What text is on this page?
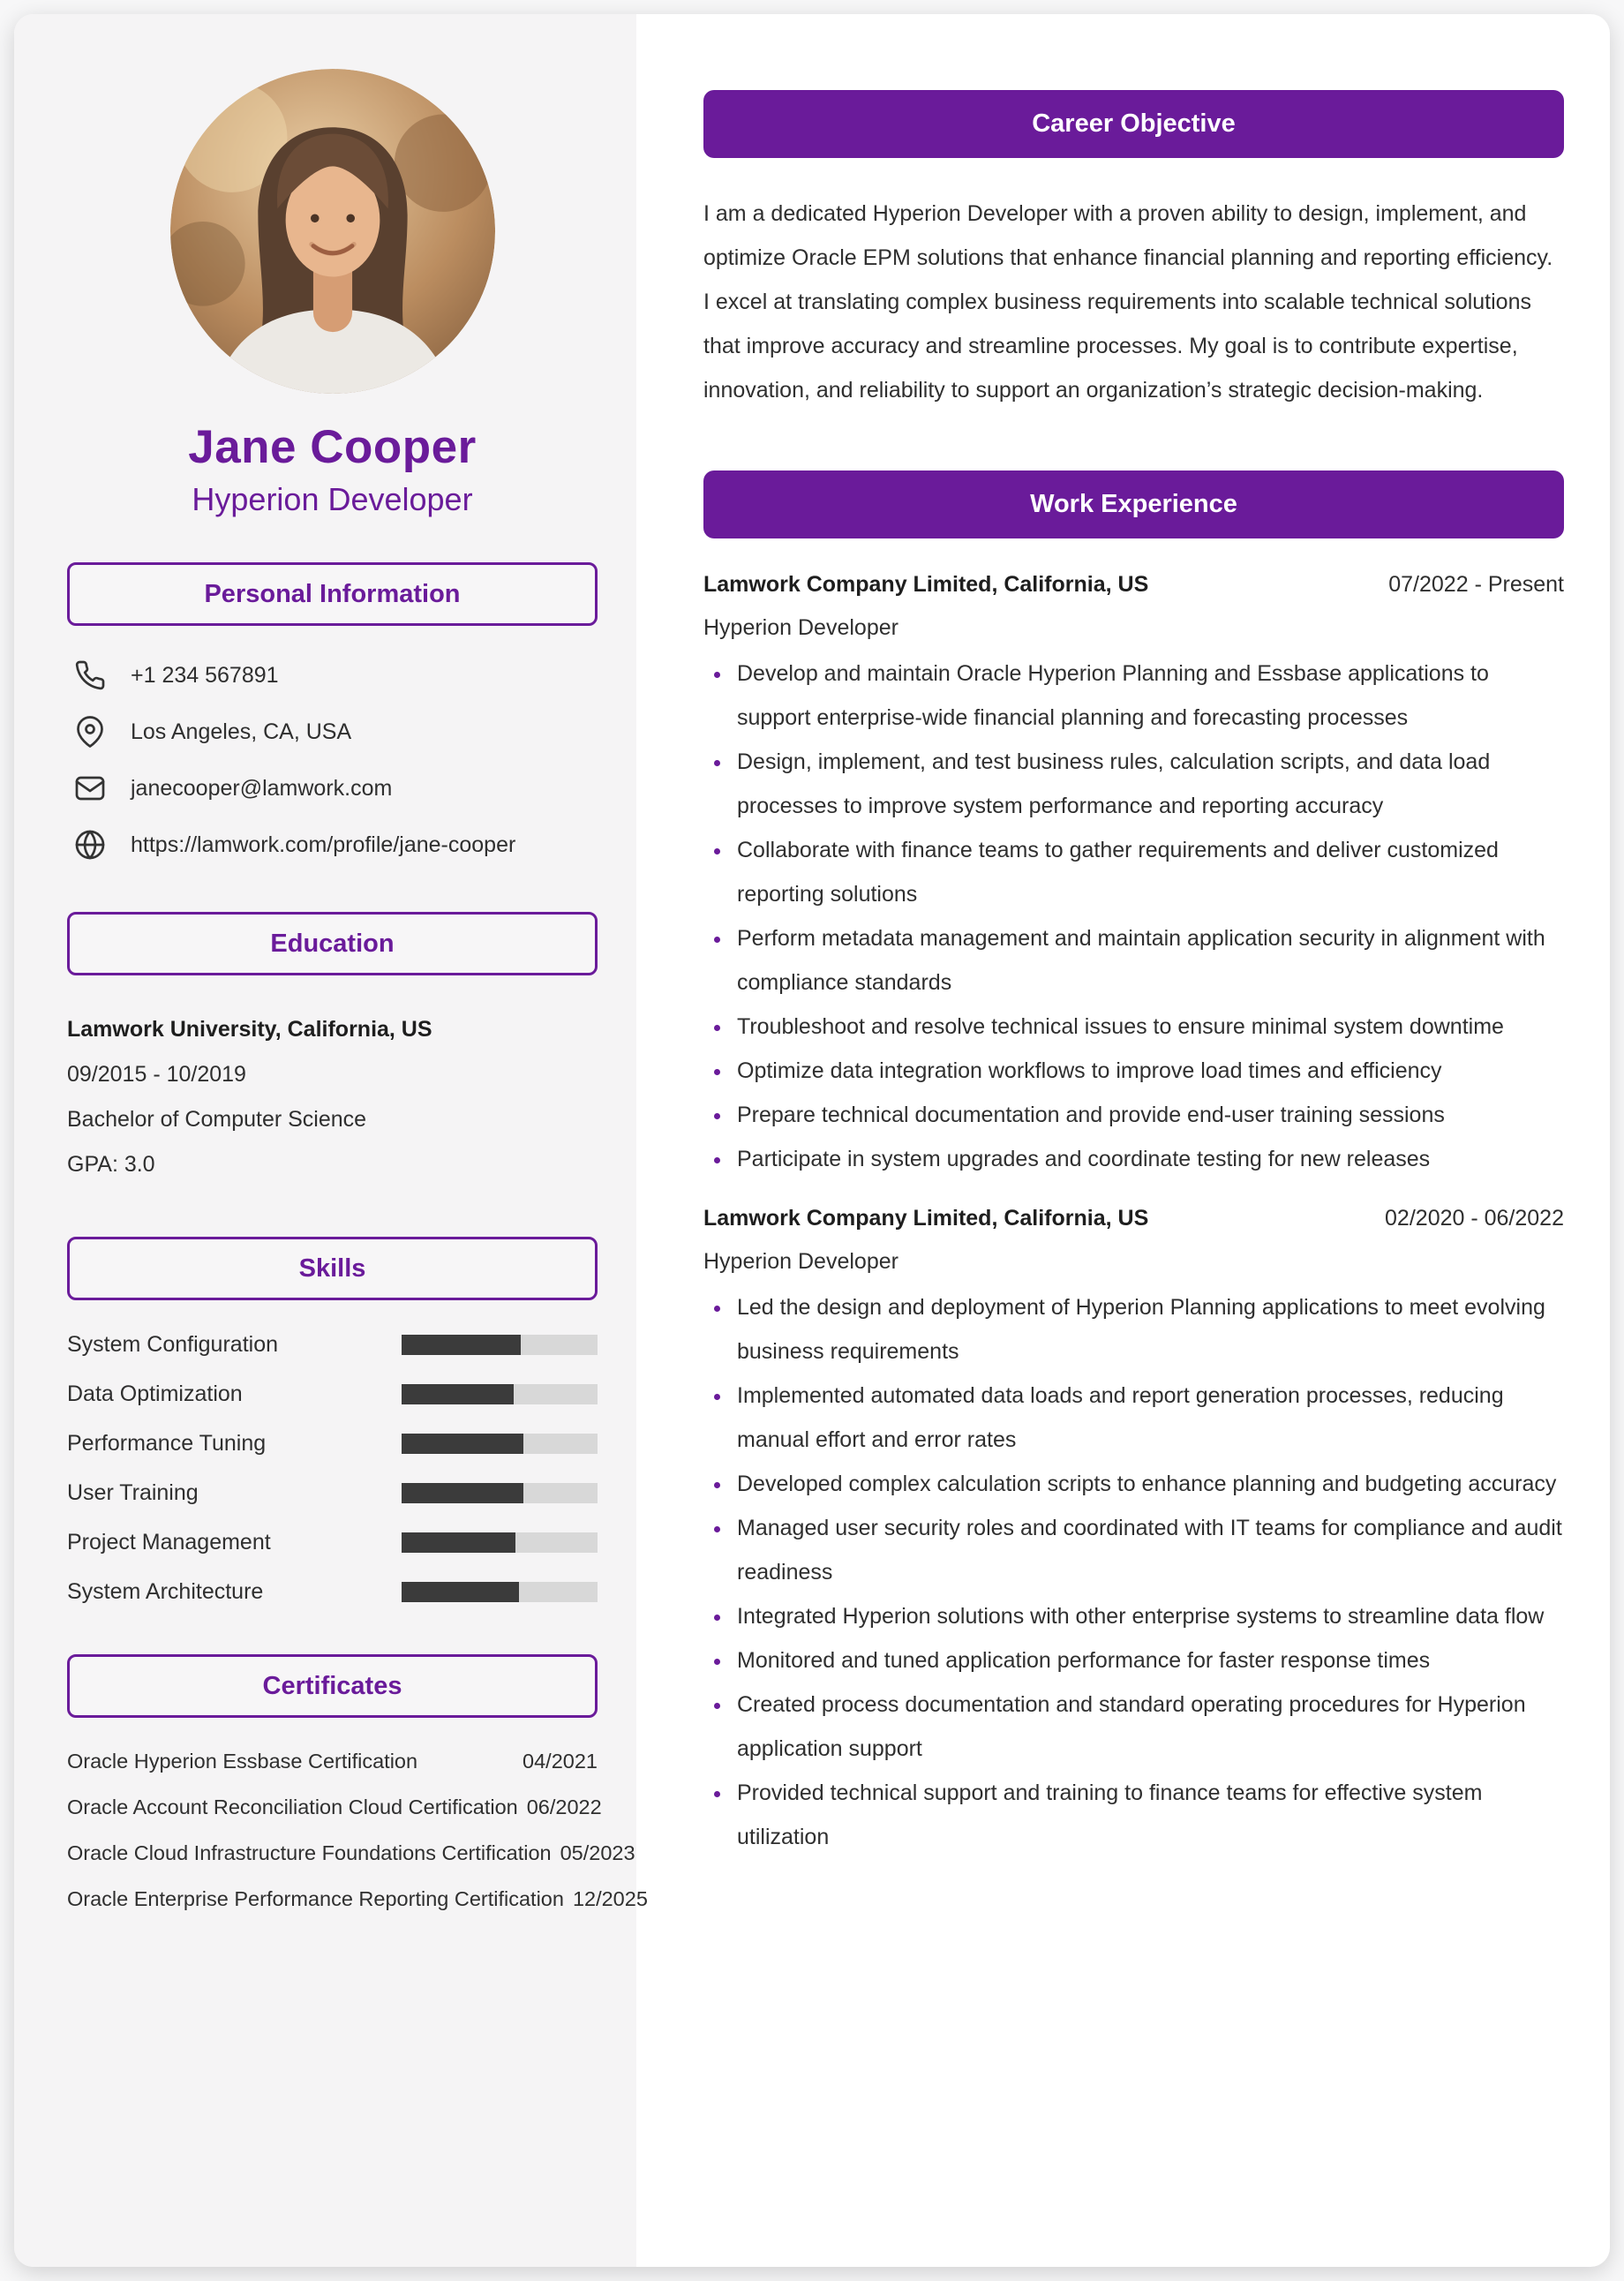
Jane Cooper
Hyperion Developer
Personal Information
+1 234 567891
Los Angeles, CA, USA
janecooper@lamwork.com
https://lamwork.com/profile/jane-cooper
Education
Lamwork University, California, US
09/2015 - 10/2019
Bachelor of Computer Science
GPA: 3.0
Skills
System Configuration
Data Optimization
Performance Tuning
User Training
Project Management
System Architecture
Certificates
Oracle Hyperion Essbase Certification	04/2021
Oracle Account Reconciliation Cloud Certification 06/2022
Oracle Cloud Infrastructure Foundations Certification 05/2023
Oracle Enterprise Performance Reporting Certification 12/2025
Career Objective

I am a dedicated Hyperion Developer with a proven ability to design, implement, and optimize Oracle EPM solutions that enhance financial planning and reporting efficiency. I excel at translating complex business requirements into scalable technical solutions that improve accuracy and streamline processes. My goal is to contribute expertise, innovation, and reliability to support an organization’s strategic decision-making.

Work Experience
Lamwork Company Limited, California, US	07/2022 - Present
Hyperion Developer
• Develop and maintain Oracle Hyperion Planning and Essbase applications to support enterprise-wide financial planning and forecasting processes
• Design, implement, and test business rules, calculation scripts, and data load processes to improve system performance and reporting accuracy
• Collaborate with finance teams to gather requirements and deliver customized reporting solutions
• Perform metadata management and maintain application security in alignment with compliance standards
• Troubleshoot and resolve technical issues to ensure minimal system downtime
• Optimize data integration workflows to improve load times and efficiency
• Prepare technical documentation and provide end-user training sessions
• Participate in system upgrades and coordinate testing for new releases
Lamwork Company Limited, California, US	02/2020 - 06/2022
Hyperion Developer
• Led the design and deployment of Hyperion Planning applications to meet evolving business requirements
• Implemented automated data loads and report generation processes, reducing manual effort and error rates
• Developed complex calculation scripts to enhance planning and budgeting accuracy
• Managed user security roles and coordinated with IT teams for compliance and audit readiness
• Integrated Hyperion solutions with other enterprise systems to streamline data flow
• Monitored and tuned application performance for faster response times
• Created process documentation and standard operating procedures for Hyperion application support
• Provided technical support and training to finance teams for effective system utilization
